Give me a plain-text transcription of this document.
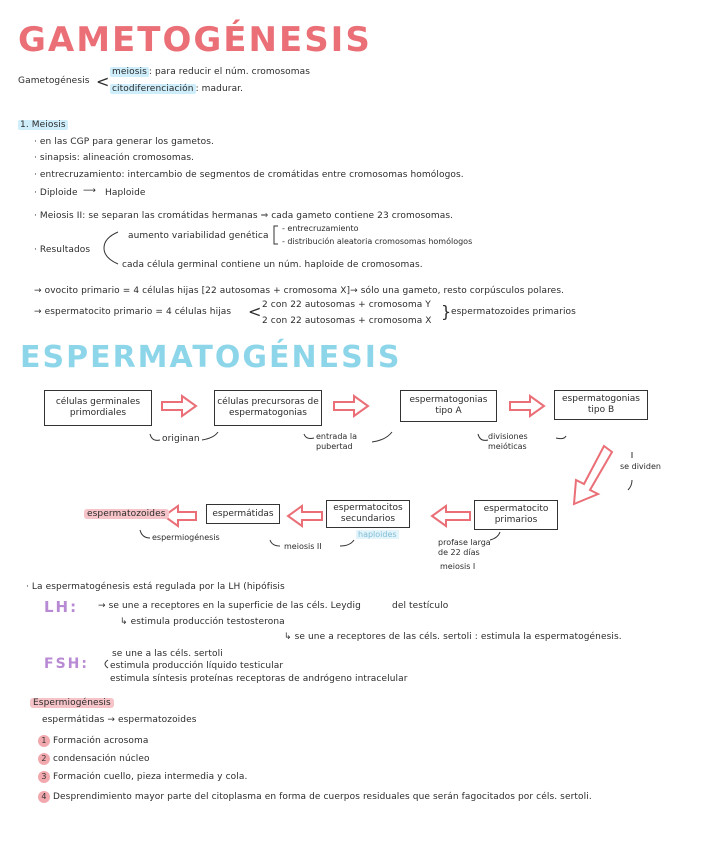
GAMETOGÉNESIS
Gametogénesis < meiosis : para reducir el núm. cromosomas
citodiferenciación : madurar.
1. Meiosis
· en las CGP para generar los gametos.
· sinapsis: alineación cromosomas.
· entrecruzamiento: intercambio de segmentos de cromátidas entre cromosomas homólogos.
· Diploide ⟶ Haploide
· Meiosis II: se separan las cromátidas hermanas ⇒ cada gameto contiene 23 cromosomas.
· Resultados
aumento variabilidad genética
- entrecruzamiento
- distribución aleatoria cromosomas homólogos
cada célula germinal contiene un núm. haploide de cromosomas.
→ ovocito primario = 4 células hijas [22 autosomas + cromosoma X]→ sólo una gameto, resto corpúsculos polares.
→ espermatocito primario = 4 células hijas < 2 con 22 autosomas + cromosoma Y
2 con 22 autosomas + cromosoma X } espermatozoides primarios
ESPERMATOGÉNESIS
células germinales primordiales
células precursoras de espermatogonias
espermatogonias tipo A
espermatogonias tipo B
espermatocito primarios
espermatocitos secundarios
espermátidas
espermatozoides
originan	entrada la pubertad
divisiones meióticas
se dividen
profase larga de 22 días
meiosis I
haploides
meiosis II
espermiogénesis
· La espermatogénesis está regulada por la LH (hipófisis
LH: → se une a receptores en la superficie de las céls. Leydig	del testículo
↳ estimula producción testosterona
↳ se une a receptores de las céls. sertoli : estimula la espermatogénesis.
FSH:
se une a las céls. sertoli
estimula producción líquido testicular
estimula síntesis proteínas receptoras de andrógeno intracelular
Espermiogénesis
espermátidas → espermatozoides
1 Formación acrosoma
2 condensación núcleo
3 Formación cuello, pieza intermedia y cola.
4 Desprendimiento mayor parte del citoplasma en forma de cuerpos residuales que serán fagocitados por céls. sertoli.
